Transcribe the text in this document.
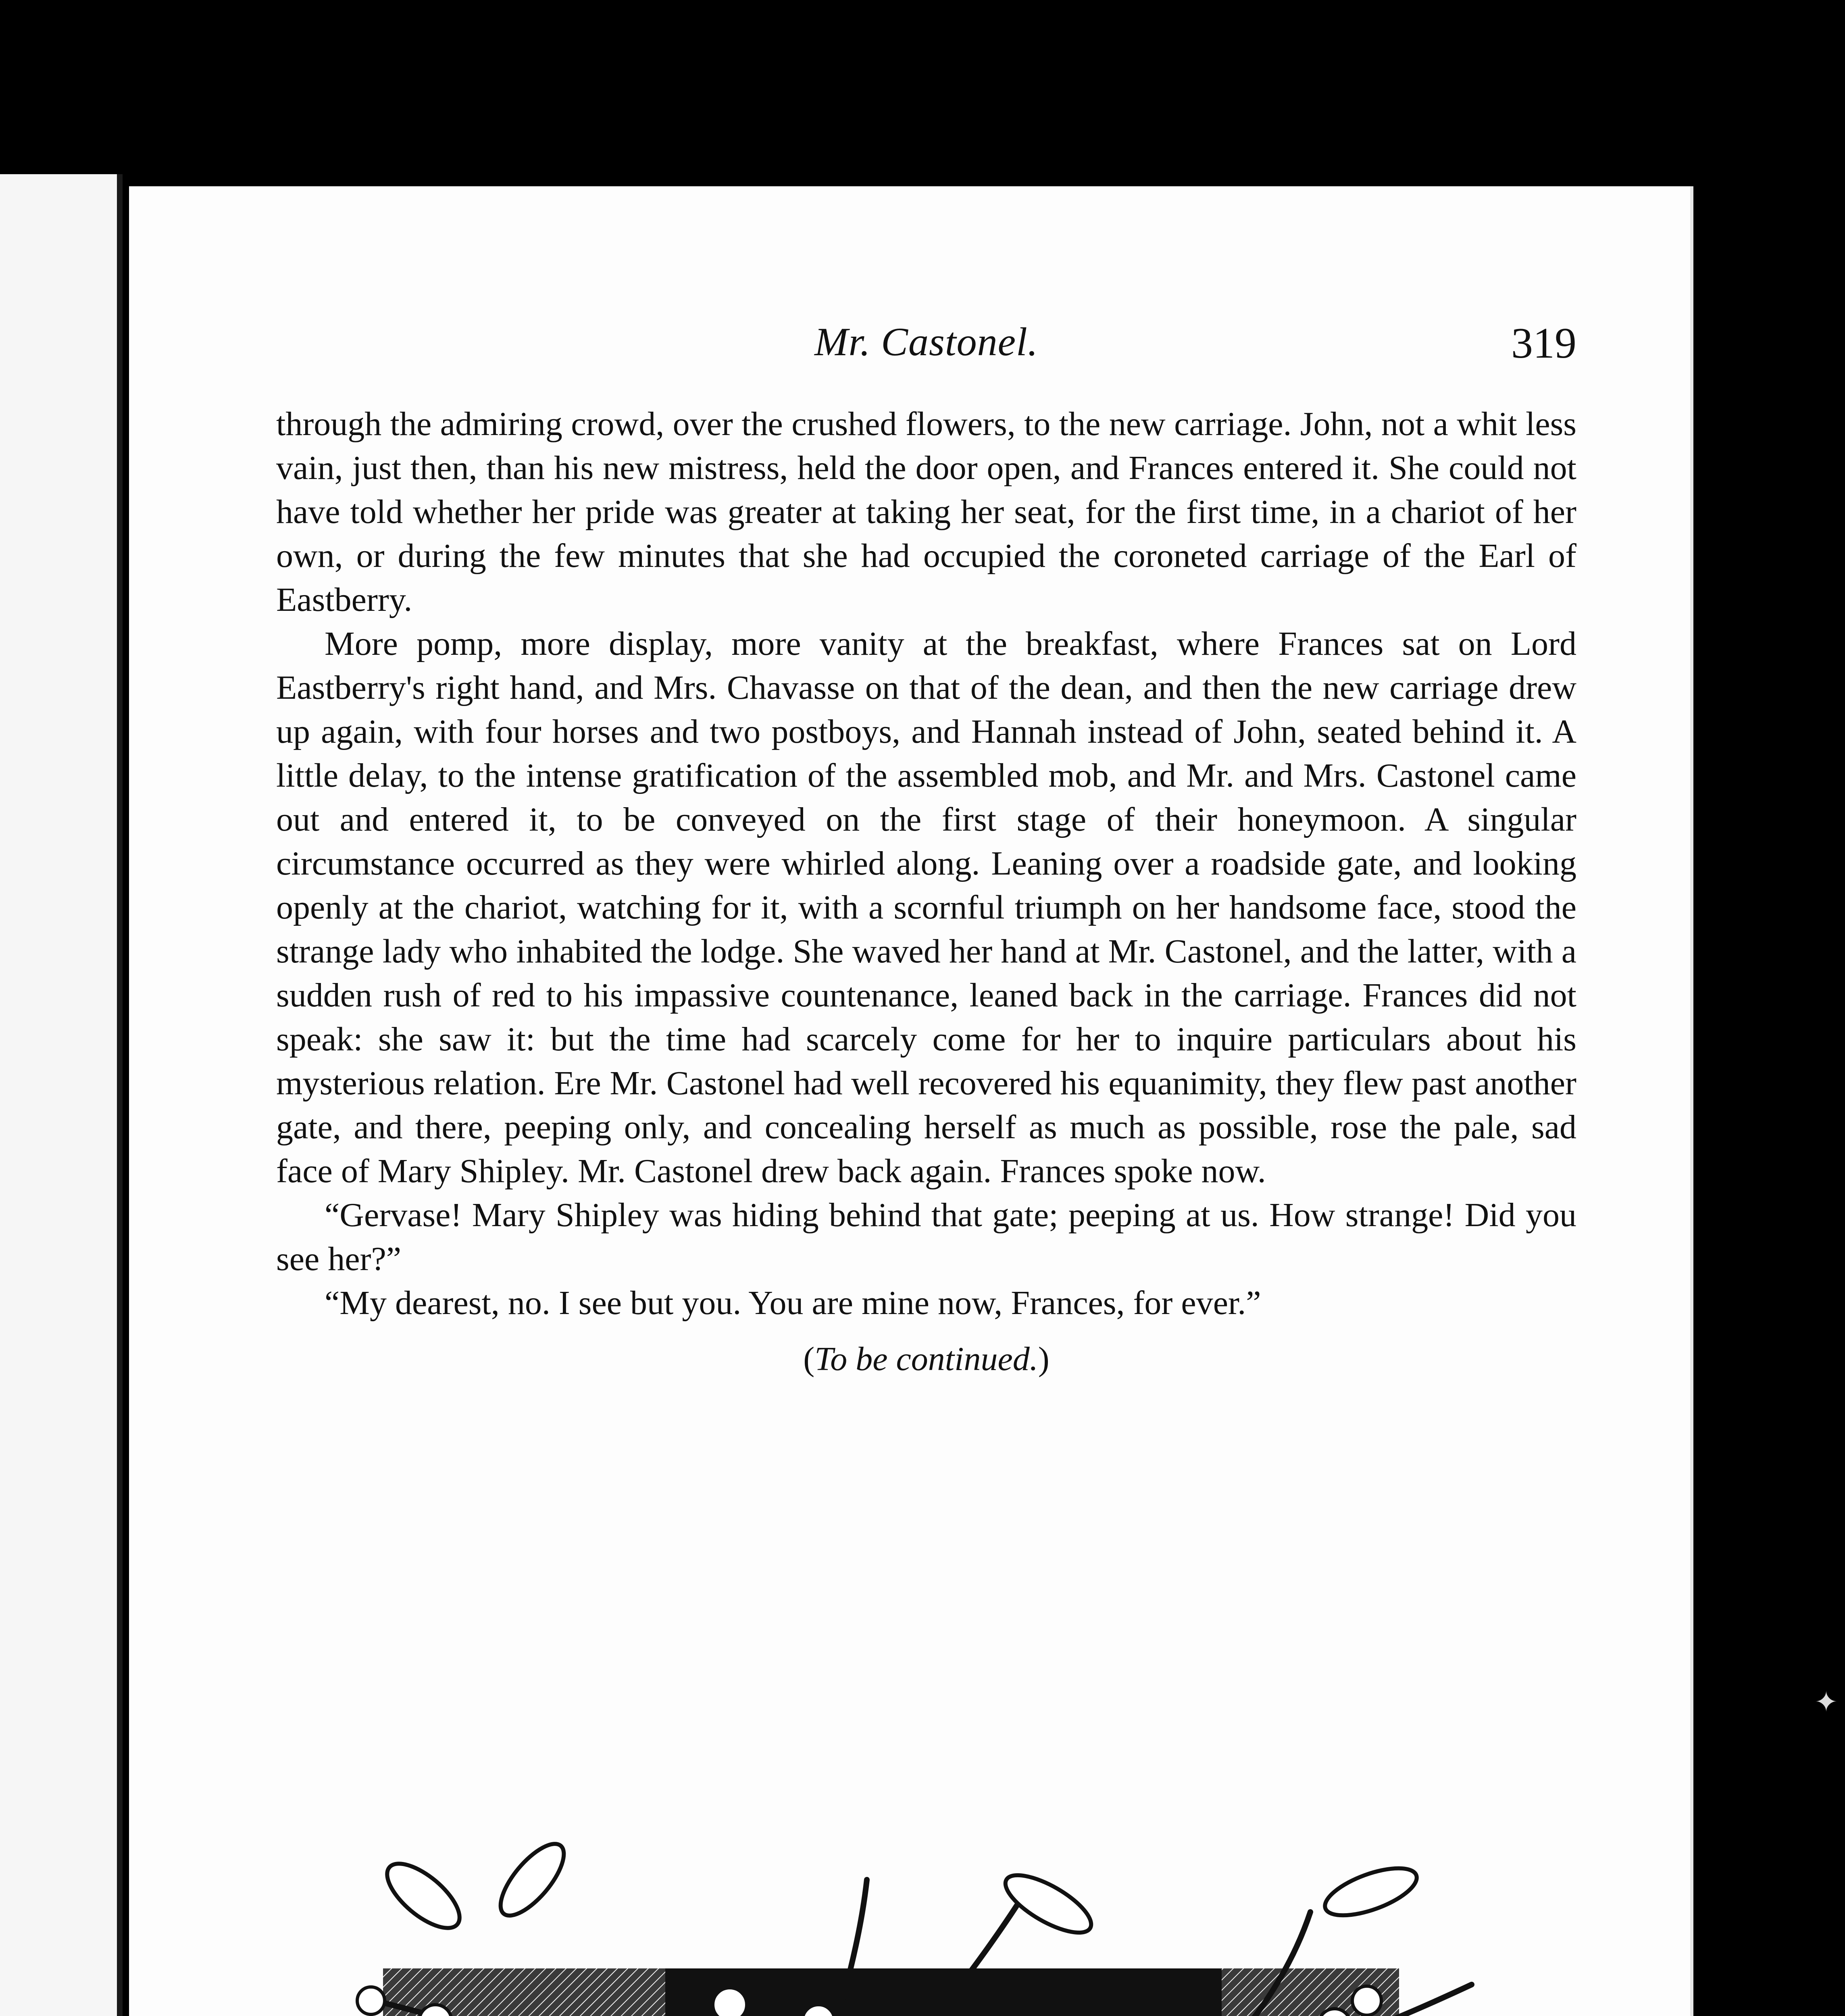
Mr. Castonel.	319

through the admiring crowd, over the crushed flowers, to the new carriage. John, not a whit less vain, just then, than his new mistress, held the door open, and Frances entered it. She could not have told whether her pride was greater at taking her seat, for the first time, in a chariot of her own, or during the few minutes that she had occupied the coroneted carriage of the Earl of Eastberry.

More pomp, more display, more vanity at the breakfast, where Frances sat on Lord Eastberry's right hand, and Mrs. Chavasse on that of the dean, and then the new carriage drew up again, with four horses and two postboys, and Hannah instead of John, seated behind it. A little delay, to the intense gratification of the assembled mob, and Mr. and Mrs. Castonel came out and entered it, to be conveyed on the first stage of their honeymoon. A singular circumstance occurred as they were whirled along. Leaning over a roadside gate, and looking openly at the chariot, watching for it, with a scornful triumph on her handsome face, stood the strange lady who inhabited the lodge. She waved her hand at Mr. Castonel, and the latter, with a sudden rush of red to his impassive countenance, leaned back in the carriage. Frances did not speak: she saw it: but the time had scarcely come for her to inquire particulars about his mysterious relation. Ere Mr. Castonel had well recovered his equanimity, they flew past another gate, and there, peeping only, and concealing herself as much as possible, rose the pale, sad face of Mary Shipley. Mr. Castonel drew back again. Frances spoke now.

“Gervase! Mary Shipley was hiding behind that gate; peeping at us. How strange! Did you see her?”

“My dearest, no. I see but you. You are mine now, Frances, for ever.”

(To be continued.)
✦
